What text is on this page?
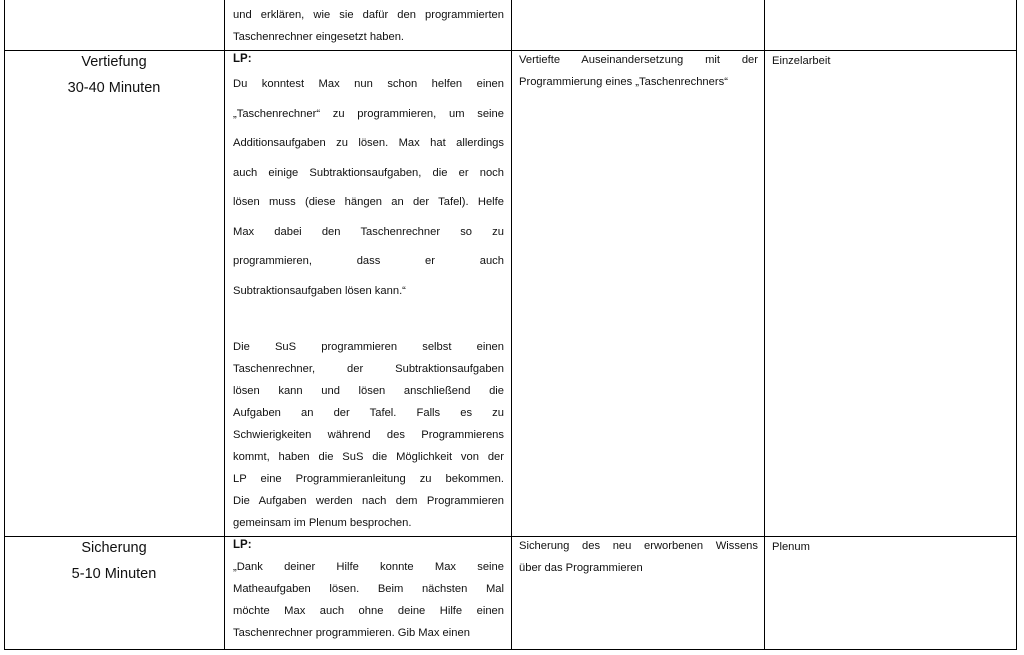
und erklären, wie sie dafür den programmierten
Taschenrechner eingesetzt haben.
Vertiefung
30-40 Minuten
LP:
Du konntest Max nun schon helfen einen
„Taschenrechner“ zu programmieren, um seine
Additionsaufgaben zu lösen. Max hat allerdings
auch einige Subtraktionsaufgaben, die er noch
lösen muss (diese hängen an der Tafel). Helfe
Max dabei den Taschenrechner so zu
programmieren, dass er auch
Subtraktionsaufgaben lösen kann.“
Die SuS programmieren selbst einen
Taschenrechner, der Subtraktionsaufgaben
lösen kann und lösen anschließend die
Aufgaben an der Tafel. Falls es zu
Schwierigkeiten während des Programmierens
kommt, haben die SuS die Möglichkeit von der
LP eine Programmieranleitung zu bekommen.
Die Aufgaben werden nach dem Programmieren
gemeinsam im Plenum besprochen.
Vertiefte Auseinandersetzung mit der
Programmierung eines „Taschenrechners“
Einzelarbeit
Sicherung
5-10 Minuten
LP:
„Dank deiner Hilfe konnte Max seine
Matheaufgaben lösen. Beim nächsten Mal
möchte Max auch ohne deine Hilfe einen
Taschenrechner programmieren. Gib Max einen
Sicherung des neu erworbenen Wissens
über das Programmieren
Plenum
